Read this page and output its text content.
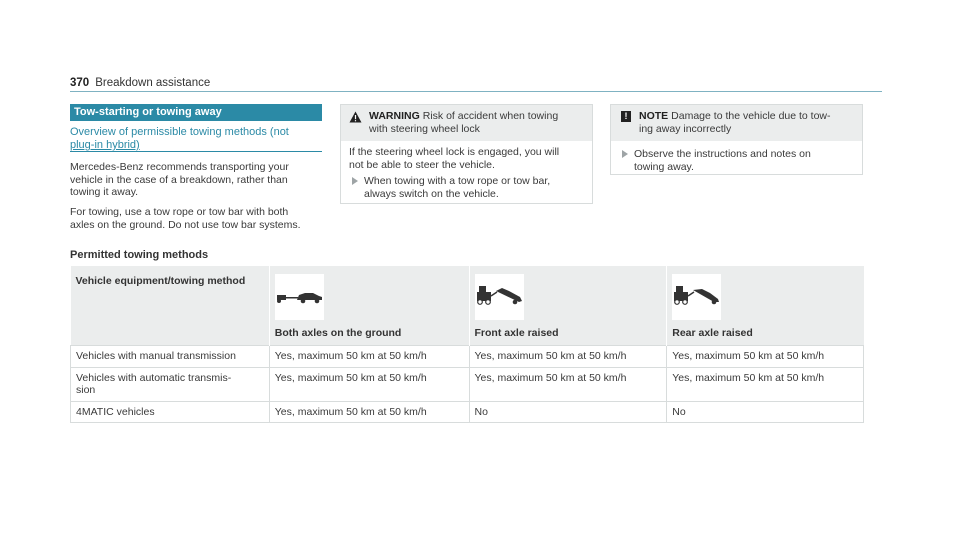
370 Breakdown assistance
Tow-starting or towing away
Overview of permissible towing methods (not
plug-in hybrid)
Mercedes-Benz recommends transporting your
vehicle in the case of a breakdown, rather than
towing it away.
For towing, use a tow rope or tow bar with both
axles on the ground. Do not use tow bar systems.
WARNING Risk of accident when towing
with steering wheel lock
If the steering wheel lock is engaged, you will
not be able to steer the vehicle.
When towing with a tow rope or tow bar,
always switch on the vehicle.
!	NOTE Damage to the vehicle due to tow-
ing away incorrectly
Observe the instructions and notes on
towing away.
Permitted towing methods
Vehicle equipment/towing method	Both axles on the ground	Front axle raised	Rear axle raised

Vehicles with manual transmission	Yes, maximum 50 km at 50 km/h	Yes, maximum 50 km at 50 km/h	Yes, maximum 50 km at 50 km/h

Vehicles with automatic transmis-
sion	Yes, maximum 50 km at 50 km/h	Yes, maximum 50 km at 50 km/h	Yes, maximum 50 km at 50 km/h
4MATIC vehicles	Yes, maximum 50 km at 50 km/h	No	No
